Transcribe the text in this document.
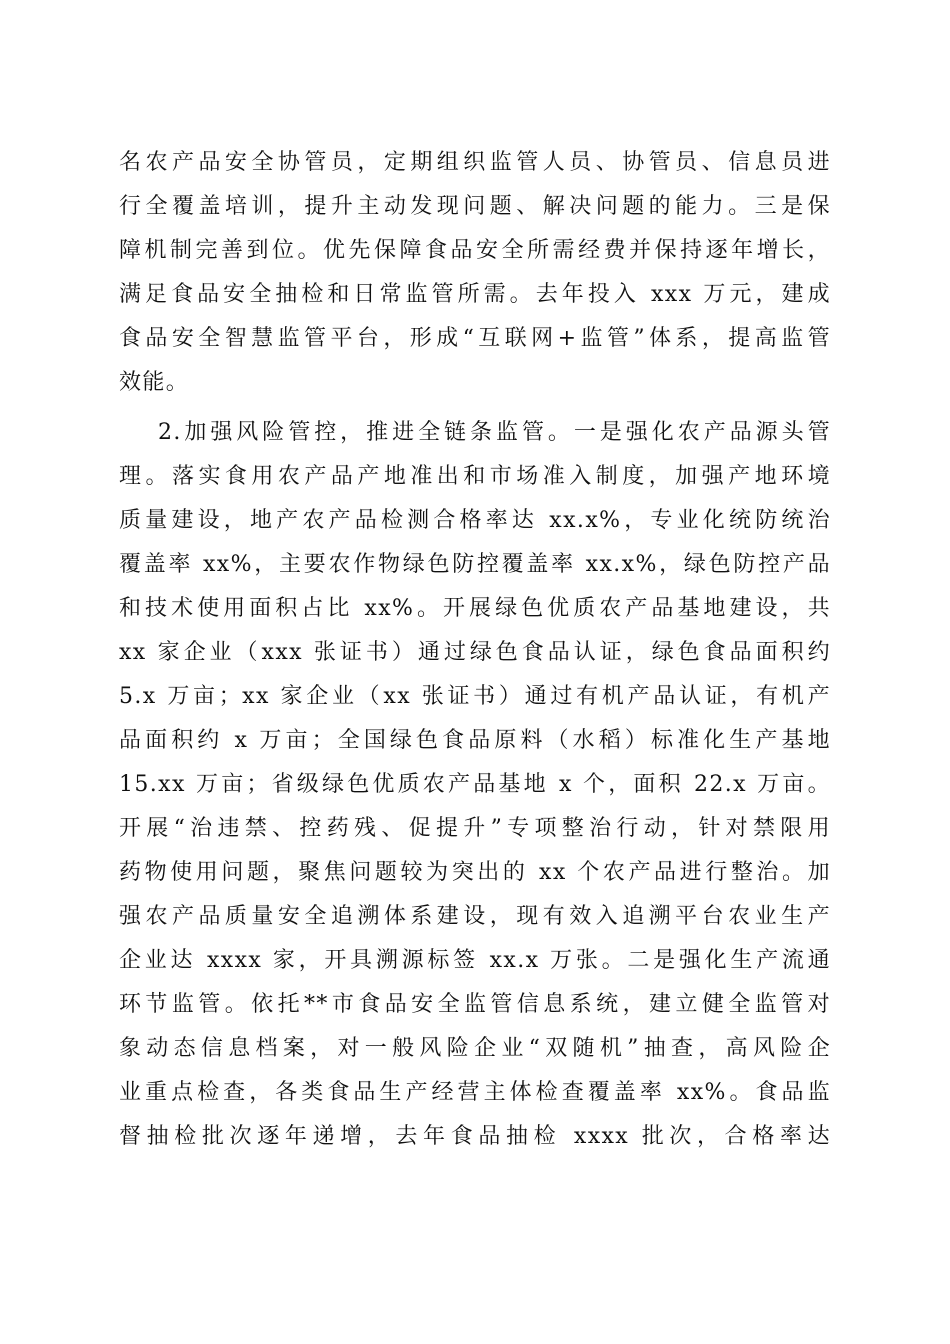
名农产品安全协管员，定期组织监管人员、协管员、信息员进
行全覆盖培训，提升主动发现问题、解决问题的能力。三是保
障机制完善到位。优先保障食品安全所需经费并保持逐年增长，
满足食品安全抽检和日常监管所需。去年投入 xxx 万元，建成
食品安全智慧监管平台，形成“互联网+监管”体系，提高监管
效能。
2.加强风险管控，推进全链条监管。一是强化农产品源头管
理。落实食用农产品产地准出和市场准入制度，加强产地环境
质量建设，地产农产品检测合格率达 xx.x%，专业化统防统治
覆盖率 xx%，主要农作物绿色防控覆盖率 xx.x%，绿色防控产品
和技术使用面积占比 xx%。开展绿色优质农产品基地建设，共
xx 家企业（xxx 张证书）通过绿色食品认证，绿色食品面积约
5.x 万亩；xx 家企业（xx 张证书）通过有机产品认证，有机产
品面积约 x 万亩；全国绿色食品原料（水稻）标准化生产基地
15.xx 万亩；省级绿色优质农产品基地 x 个，面积 22.x 万亩。
开展“治违禁、控药残、促提升”专项整治行动，针对禁限用
药物使用问题，聚焦问题较为突出的 xx 个农产品进行整治。加
强农产品质量安全追溯体系建设，现有效入追溯平台农业生产
企业达 xxxx 家，开具溯源标签 xx.x 万张。二是强化生产流通
环节监管。依托**市食品安全监管信息系统，建立健全监管对
象动态信息档案，对一般风险企业“双随机”抽查，高风险企
业重点检查，各类食品生产经营主体检查覆盖率 xx%。食品监
督抽检批次逐年递增，去年食品抽检 xxxx 批次，合格率达
